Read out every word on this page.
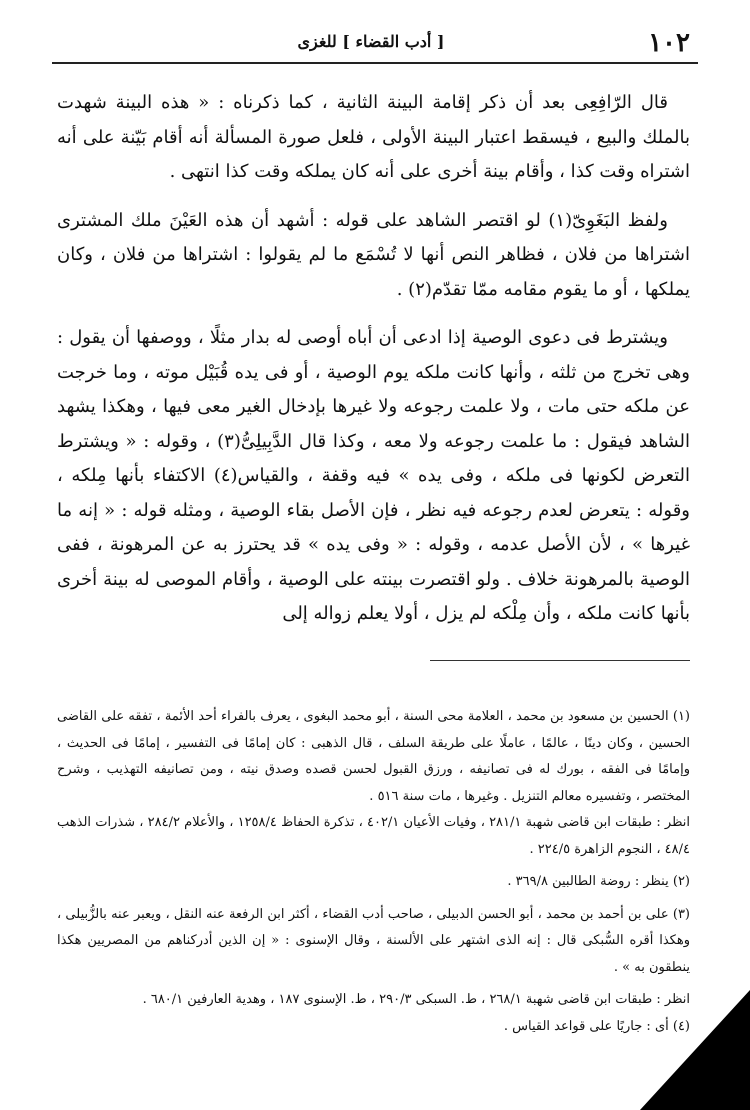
١٠٢
[ أدب القضاء ] للغزى

قال الرّافِعِى بعد أن ذكر إقامة البينة الثانية ، كما ذكرناه : « هذه البينة شهدت بالملك والبيع ، فيسقط اعتبار البينة الأولى ، فلعل صورة المسألة أنه أقام بَيّنة على أنه اشتراه وقت كذا ، وأقام بينة أخرى على أنه كان يملكه وقت كذا انتهى .

ولفظ البَغَوِىّ(١) لو اقتصر الشاهد على قوله : أشهد أن هذه العَيْنَ ملك المشترى اشتراها من فلان ، فظاهر النص أنها لا تُسْمَع ما لم يقولوا : اشتراها من فلان ، وكان يملكها ، أو ما يقوم مقامه ممّا تقدّم(٢) .

ويشترط فى دعوى الوصية إذا ادعى أن أباه أوصى له بدار مثلًا ، ووصفها أن يقول : وهى تخرج من ثلثه ، وأنها كانت ملكه يوم الوصية ، أو فى يده قُبَيْل موته ، وما خرجت عن ملكه حتى مات ، ولا علمت رجوعه ولا غيرها بإدخال الغير معى فيها ، وهكذا يشهد الشاهد فيقول : ما علمت رجوعه ولا معه ، وكذا قال الدَّبِيلِىُّ(٣) ، وقوله : « ويشترط التعرض لكونها فى ملكه ، وفى يده » فيه وقفة ، والقياس(٤) الاكتفاء بأنها مِلكه ، وقوله : يتعرض لعدم رجوعه فيه نظر ، فإن الأصل بقاء الوصية ، ومثله قوله : « إنه ما غيرها » ، لأن الأصل عدمه ، وقوله : « وفى يده » قد يحترز به عن المرهونة ، ففى الوصية بالمرهونة خلاف . ولو اقتصرت بينته على الوصية ، وأقام الموصى له بينة أخرى بأنها كانت ملكه ، وأن مِلْكه لم يزل ، أولا يعلم زواله إلى

(١) الحسين بن مسعود بن محمد ، العلامة محى السنة ، أبو محمد البغوى ، يعرف بالفراء أحد الأئمة ، تفقه على القاضى الحسين ، وكان دينًا ، عالمًا ، عاملًا على طريقة السلف ، قال الذهبى : كان إمامًا فى التفسير ، إمامًا فى الحديث ، وإمامًا فى الفقه ، بورك له فى تصانيفه ، ورزق القبول لحسن قصده وصدق نيته ، ومن تصانيفه التهذيب ، وشرح المختصر ، وتفسيره معالم التنزيل . وغيرها ، مات سنة ٥١٦ .

انظر : طبقات ابن قاضى شهبة ٢٨١/١ ، وفيات الأعيان ٤٠٢/١ ، تذكرة الحفاظ ١٢٥٨/٤ ، والأعلام ٢٨٤/٢ ، شذرات الذهب ٤٨/٤ ، النجوم الزاهرة ٢٢٤/٥ .

(٢) ينظر : روضة الطالبين ٣٦٩/٨ .

(٣) على بن أحمد بن محمد ، أبو الحسن الدبيلى ، صاحب أدب القضاء ، أكثر ابن الرفعة عنه النقل ، ويعبر عنه بالزُّبيلى ، وهكذا أقره السُّبكى قال : إنه الذى اشتهر على الألسنة ، وقال الإسنوى : « إن الذين أدركناهم من المصريين هكذا ينطقون به » .

انظر : طبقات ابن قاضى شهبة ٢٦٨/١ ، ط. السبكى ٢٩٠/٣ ، ط. الإسنوى ١٨٧ ، وهدية العارفين ٦٨٠/١ .

(٤) أى : جاريًا على قواعد القياس .
